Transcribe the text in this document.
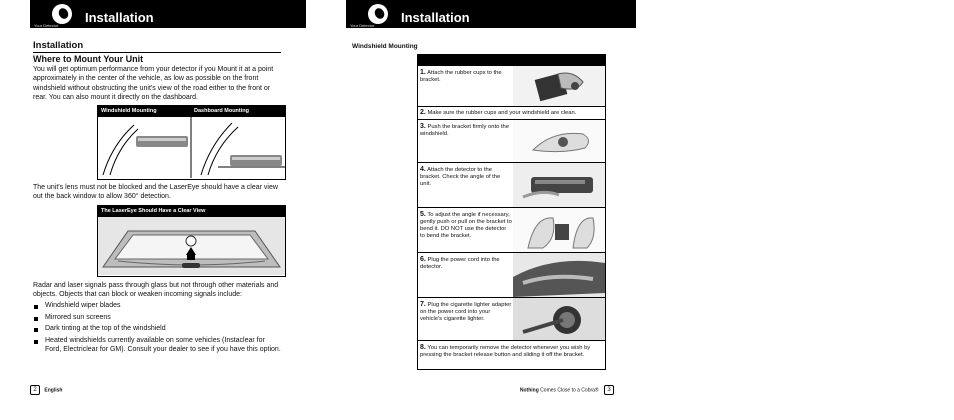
Installation
Your Detector
Installation
Where to Mount Your Unit
You will get optimum performance from your detector if you Mount it at a point approximately in the center of the vehicle, as low as possible on the front windshield without obstructing the unit's view of the road either to the front or rear. You can also mount it directly on the dashboard.
Windshield Mounting	Dashboard Mounting
The unit's lens must not be blocked and the LaserEye should have a clear view out the back window to allow 360° detection.
The LaserEye Should Have a Clear View
Radar and laser signals pass through glass but not through other materials and objects. Objects that can block or weaken incoming signals include:
Windshield wiper blades
Mirrored sun screens
Dark tinting at the top of the windshield
Heated windshields currently available on some vehicles (Instaclear for Ford, Electriclear for GM). Consult your dealer to see if you have this option.
2 English
Installation
Your Detector
Windshield Mounting
1. Attach the rubber cups to the bracket.
2. Make sure the rubber cups and your windshield are clean.
3. Push the bracket firmly onto the windshield.
4. Attach the detector to the bracket. Check the angle of the unit.
5. To adjust the angle if necessary, gently push or pull on the bracket to bend it. DO NOT use the detector to bend the bracket.
6. Plug the power cord into the detector.
7. Plug the cigarette lighter adapter on the power cord into your vehicle's cigarette lighter.
8. You can temporarily remove the detector whenever you wish by pressing the bracket release button and sliding it off the bracket.
Nothing Comes Close to a Cobra® 3
